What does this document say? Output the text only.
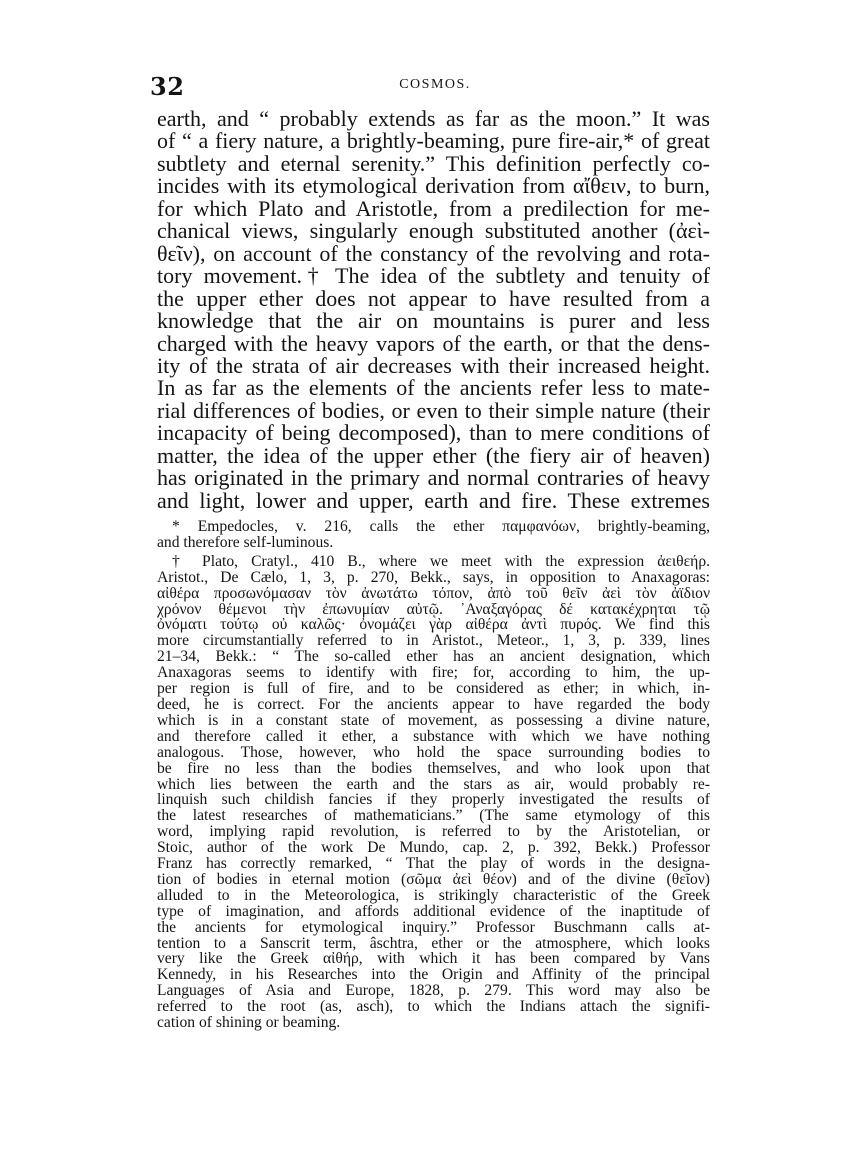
32	COSMOS.
earth, and “ probably extends as far as the moon.” It was
of “ a fiery nature, a brightly-beaming, pure fire-air,* of great
subtlety and eternal serenity.” This definition perfectly co-
incides with its etymological derivation from αἴθειν, to burn,
for which Plato and Aristotle, from a predilection for me-
chanical views, singularly enough substituted another (ἀεὶ-
θεῖν), on account of the constancy of the revolving and rota-
tory movement.† The idea of the subtlety and tenuity of
the upper ether does not appear to have resulted from a
knowledge that the air on mountains is purer and less
charged with the heavy vapors of the earth, or that the dens-
ity of the strata of air decreases with their increased height.
In as far as the elements of the ancients refer less to mate-
rial differences of bodies, or even to their simple nature (their
incapacity of being decomposed), than to mere conditions of
matter, the idea of the upper ether (the fiery air of heaven)
has originated in the primary and normal contraries of heavy
and light, lower and upper, earth and fire. These extremes
* Empedocles, v. 216, calls the ether παμφανόων, brightly-beaming,
and therefore self-luminous.
† Plato, Cratyl., 410 B., where we meet with the expression ἀειθεήρ.
Aristot., De Cælo, 1, 3, p. 270, Bekk., says, in opposition to Anaxagoras:
αἰθέρα προσωνόμασαν τὸν ἀνωτάτω τόπον, ἀπὸ τοῦ θεῖν ἀεὶ τὸν ἀϊδιον
χρόνον θέμενοι τὴν ἐπωνυμίαν αὐτῷ. ᾿Αναξαγόρας δέ κατακέχρηται τῷ
ὀνόματι τούτῳ οὐ καλῶς· ὀνομάζει γὰρ αἰθέρα ἀντὶ πυρός. We find this
more circumstantially referred to in Aristot., Meteor., 1, 3, p. 339, lines
21–34, Bekk.: “ The so-called ether has an ancient designation, which
Anaxagoras seems to identify with fire; for, according to him, the up-
per region is full of fire, and to be considered as ether; in which, in-
deed, he is correct. For the ancients appear to have regarded the body
which is in a constant state of movement, as possessing a divine nature,
and therefore called it ether, a substance with which we have nothing
analogous. Those, however, who hold the space surrounding bodies to
be fire no less than the bodies themselves, and who look upon that
which lies between the earth and the stars as air, would probably re-
linquish such childish fancies if they properly investigated the results of
the latest researches of mathematicians.” (The same etymology of this
word, implying rapid revolution, is referred to by the Aristotelian, or
Stoic, author of the work De Mundo, cap. 2, p. 392, Bekk.) Professor
Franz has correctly remarked, “ That the play of words in the designa-
tion of bodies in eternal motion (σῶμα ἀεὶ θέον) and of the divine (θεῖον)
alluded to in the Meteorologica, is strikingly characteristic of the Greek
type of imagination, and affords additional evidence of the inaptitude of
the ancients for etymological inquiry.” Professor Buschmann calls at-
tention to a Sanscrit term, âschtra, ether or the atmosphere, which looks
very like the Greek αἰθήρ, with which it has been compared by Vans
Kennedy, in his Researches into the Origin and Affinity of the principal
Languages of Asia and Europe, 1828, p. 279. This word may also be
referred to the root (as, asch), to which the Indians attach the signifi-
cation of shining or beaming.
